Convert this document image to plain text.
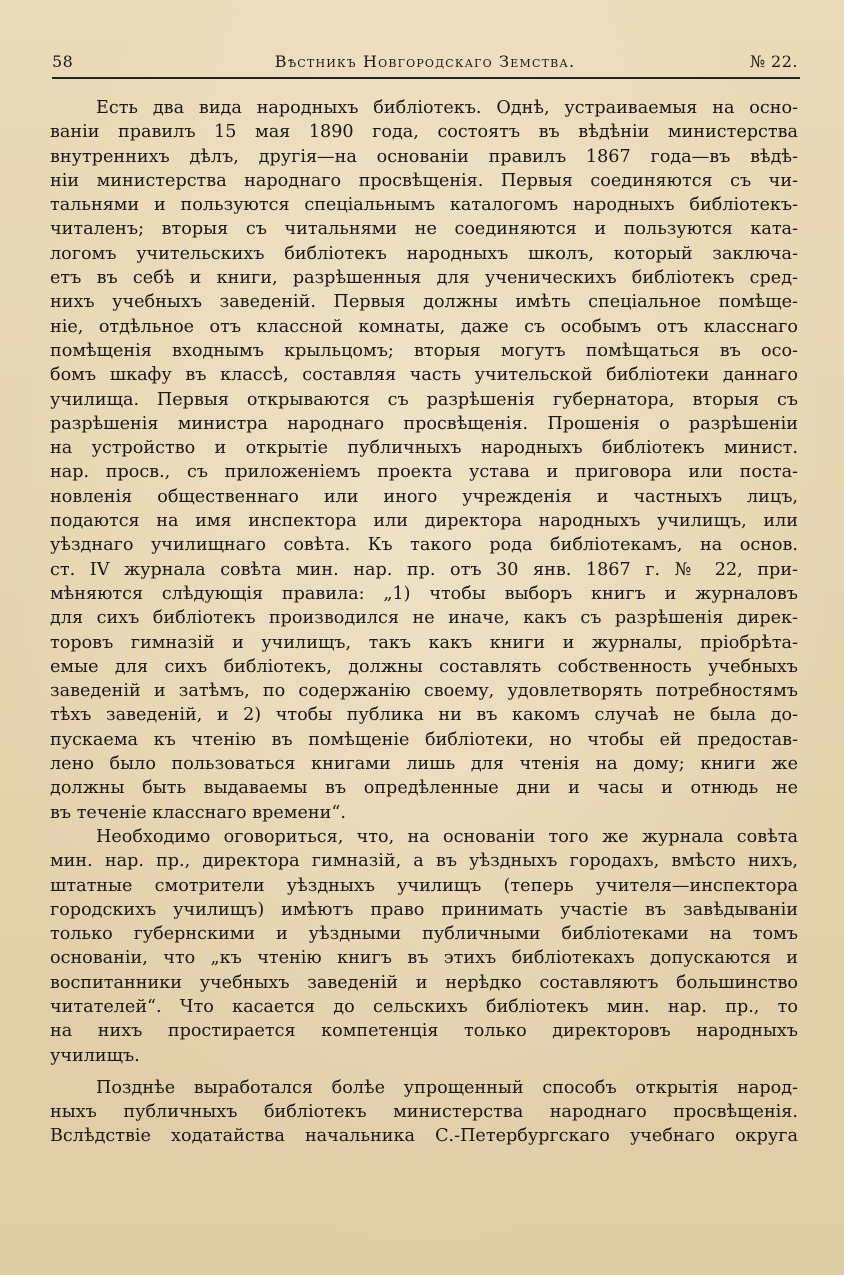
58	Вѣстникъ Новгородскаго Земства.	№ 22.
Есть два вида народныхъ библіотекъ. Однѣ, устраиваемыя на осно-
ваніи правилъ 15 мая 1890 года, состоятъ въ вѣдѣніи министерства
внутреннихъ дѣлъ, другія—на основаніи правилъ 1867 года—въ вѣдѣ-
ніи министерства народнаго просвѣщенія. Первыя соединяются съ чи-
тальнями и пользуются спеціальнымъ каталогомъ народныхъ библіотекъ-
читаленъ; вторыя съ читальнями не соединяются и пользуются ката-
логомъ учительскихъ библіотекъ народныхъ школъ, который заключа-
етъ въ себѣ и книги, разрѣшенныя для ученическихъ библіотекъ сред-
нихъ учебныхъ заведеній. Первыя должны имѣть спеціальное помѣще-
ніе, отдѣльное отъ классной комнаты, даже съ особымъ отъ класснаго
помѣщенія входнымъ крыльцомъ; вторыя могутъ помѣщаться въ осо-
бомъ шкафу въ классѣ, составляя часть учительской библіотеки даннаго
училища. Первыя открываются съ разрѣшенія губернатора, вторыя съ
разрѣшенія министра народнаго просвѣщенія. Прошенія о разрѣшеніи
на устройство и открытіе публичныхъ народныхъ библіотекъ минист.
нар. просв., съ приложеніемъ проекта устава и приговора или поста-
новленія общественнаго или иного учрежденія и частныхъ лицъ,
подаются на имя инспектора или директора народныхъ училищъ, или
уѣзднаго училищнаго совѣта. Къ такого рода библіотекамъ, на основ.
ст. IV журнала совѣта мин. нар. пр. отъ 30 янв. 1867 г. № 22, при-
мѣняются слѣдующія правила: „1) чтобы выборъ книгъ и журналовъ
для сихъ библіотекъ производился не иначе, какъ съ разрѣшенія дирек-
торовъ гимназій и училищъ, такъ какъ книги и журналы, пріобрѣта-
емые для сихъ библіотекъ, должны составлять собственность учебныхъ
заведеній и затѣмъ, по содержанію своему, удовлетворять потребностямъ
тѣхъ заведеній, и 2) чтобы публика ни въ какомъ случаѣ не была до-
пускаема къ чтенію въ помѣщеніе библіотеки, но чтобы ей предостав-
лено было пользоваться книгами лишь для чтенія на дому; книги же
должны быть выдаваемы въ опредѣленные дни и часы и отнюдь не
въ теченіе класснаго времени“.
Необходимо оговориться, что, на основаніи того же журнала совѣта
мин. нар. пр., директора гимназій, а въ уѣздныхъ городахъ, вмѣсто нихъ,
штатные смотрители уѣздныхъ училищъ (теперь учителя—инспектора
городскихъ училищъ) имѣютъ право принимать участіе въ завѣдываніи
только губернскими и уѣздными публичными библіотеками на томъ
основаніи, что „къ чтенію книгъ въ этихъ библіотекахъ допускаются и
воспитанники учебныхъ заведеній и нерѣдко составляютъ большинство
читателей“. Что касается до сельскихъ библіотекъ мин. нар. пр., то
на нихъ простирается компетенція только директоровъ народныхъ
училищъ.
Позднѣе выработался болѣе упрощенный способъ открытія народ-
ныхъ публичныхъ библіотекъ министерства народнаго просвѣщенія.
Вслѣдствіе ходатайства начальника С.-Петербургскаго учебнаго округа
